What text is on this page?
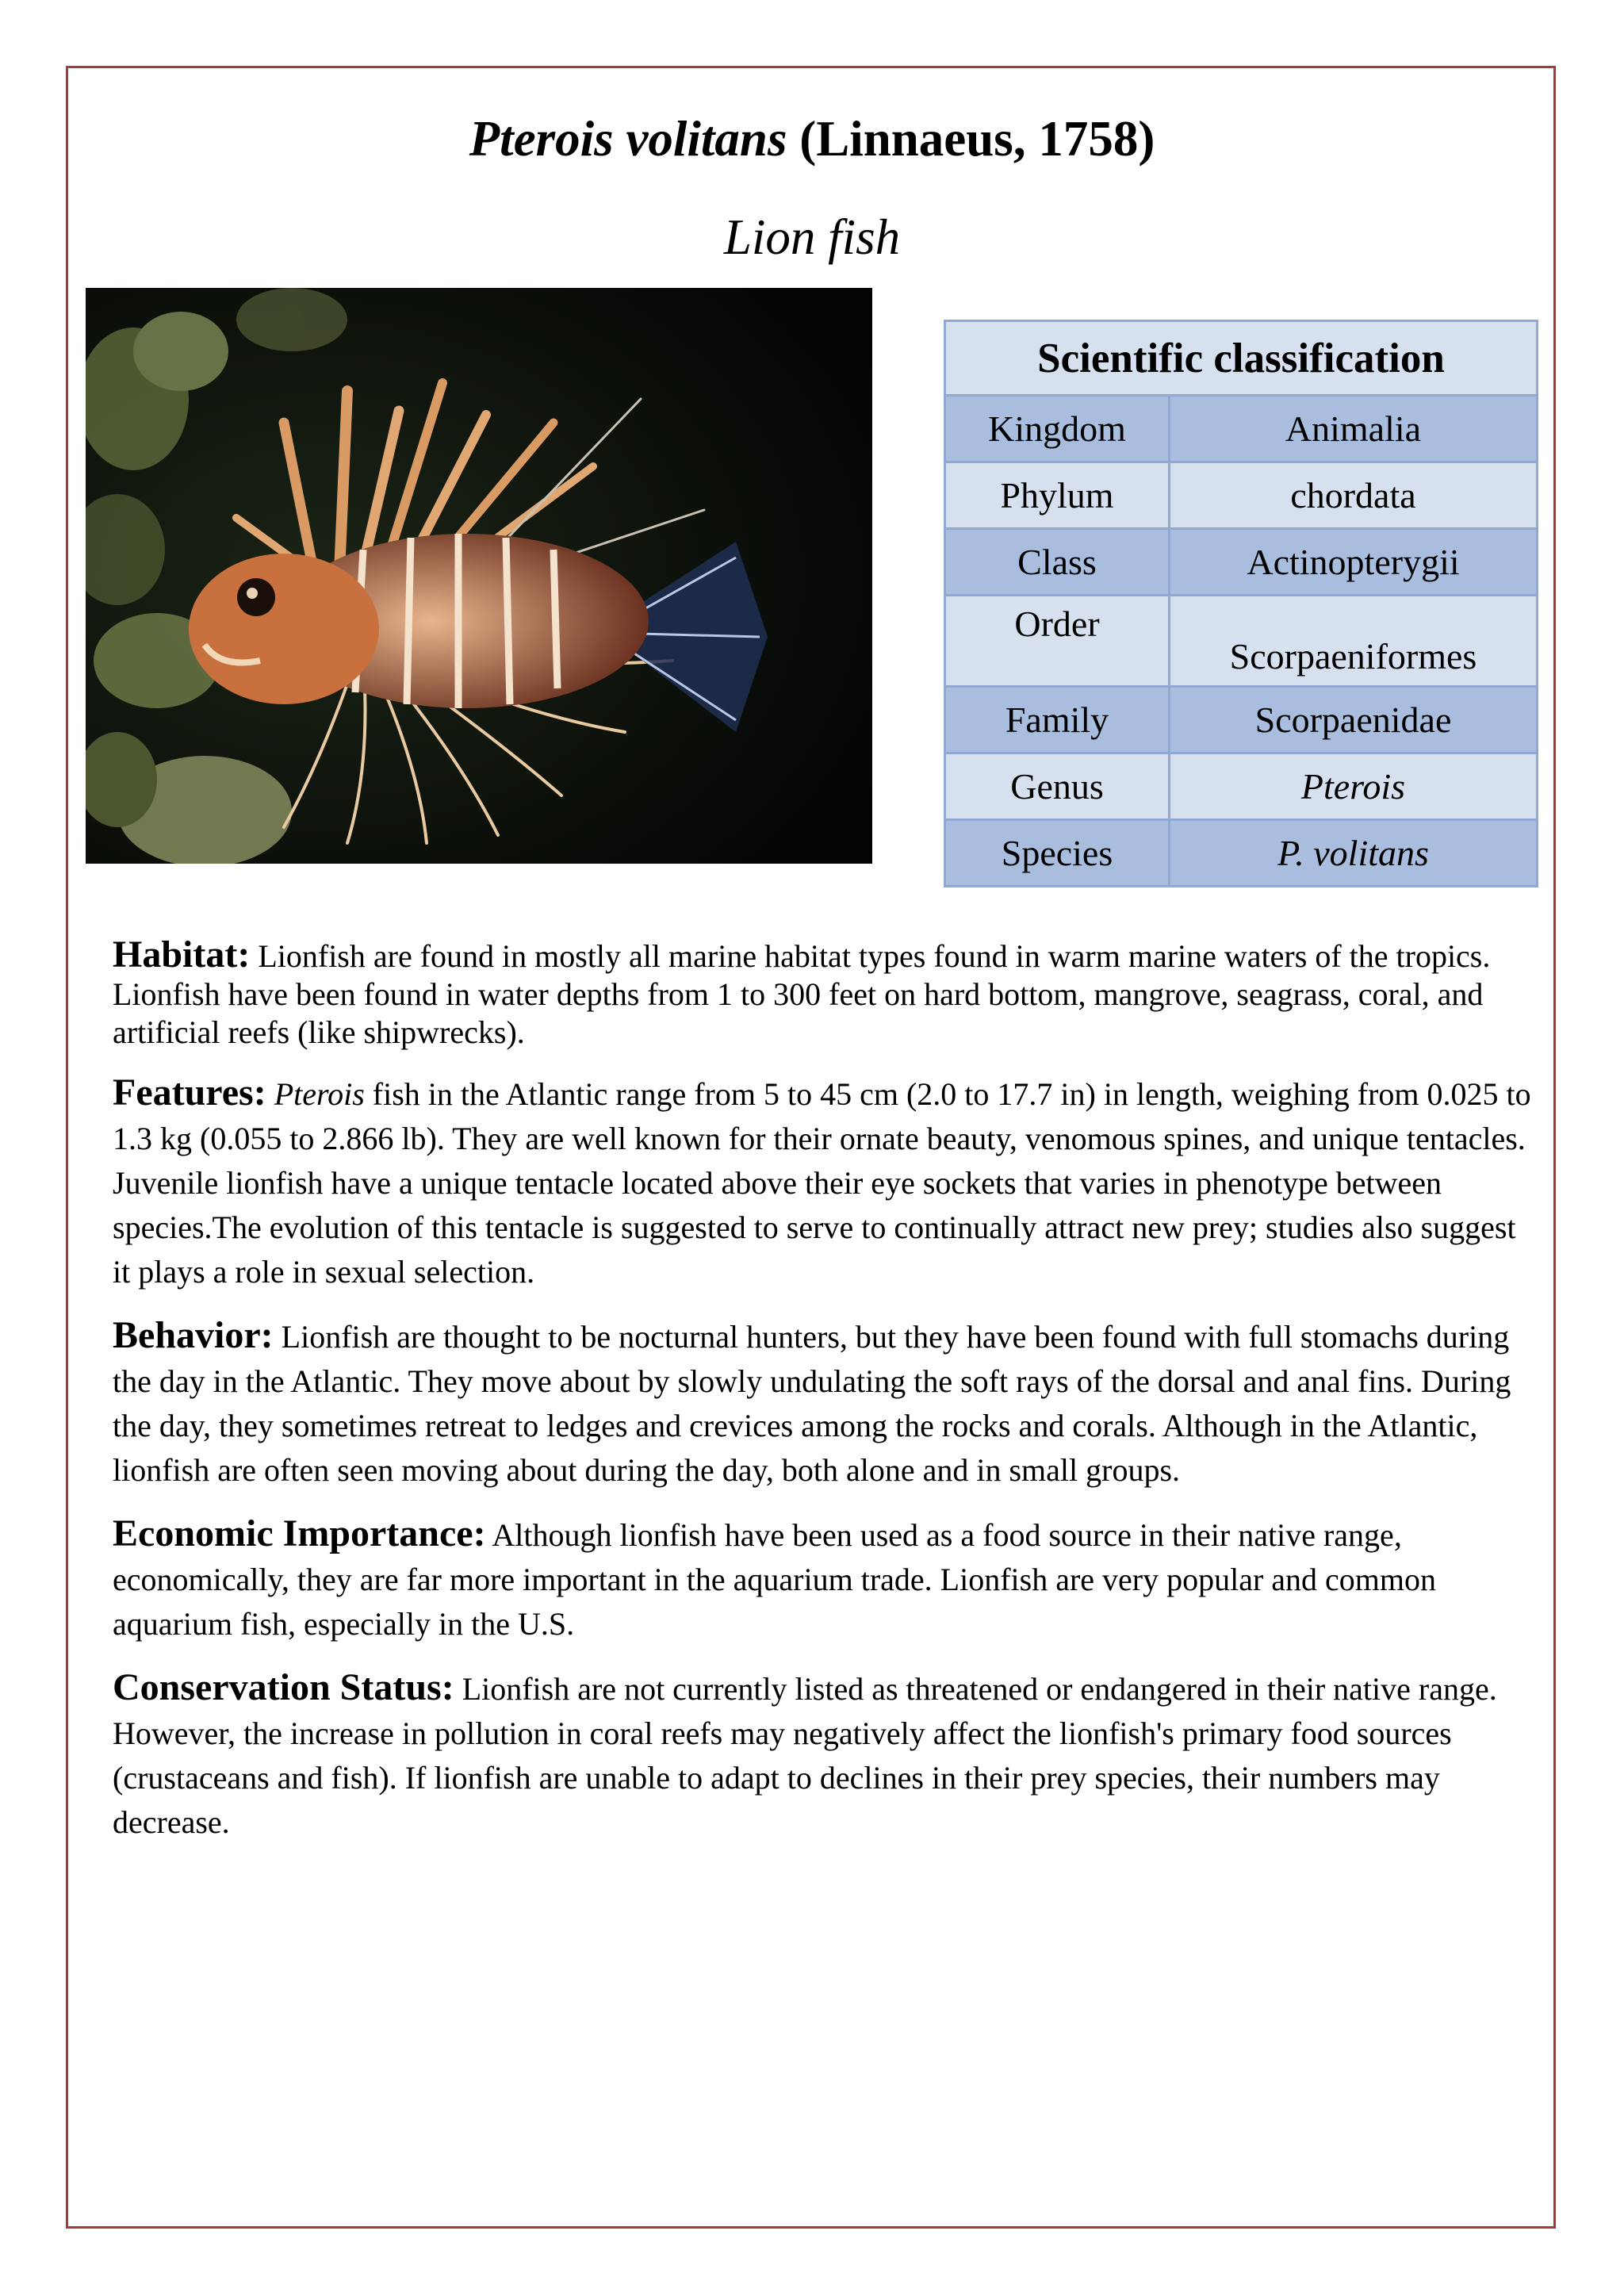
Pterois volitans (Linnaeus, 1758)
Lion fish
Scientific classification	
Kingdom	Animalia
Phylum	chordata
Class	Actinopterygii
Order	Scorpaeniformes
Family	Scorpaenidae
Genus	Pterois
Species	P. volitans

Habitat: Lionfish are found in mostly all marine habitat types found in warm marine waters of the tropics. Lionfish have been found in water depths from 1 to 300 feet on hard bottom, mangrove, seagrass, coral, and artificial reefs (like shipwrecks).

Features: Pterois fish in the Atlantic range from 5 to 45 cm (2.0 to 17.7 in) in length, weighing from 0.025 to 1.3 kg (0.055 to 2.866 lb). They are well known for their ornate beauty, venomous spines, and unique tentacles. Juvenile lionfish have a unique tentacle located above their eye sockets that varies in phenotype between species.The evolution of this tentacle is suggested to serve to continually attract new prey; studies also suggest it plays a role in sexual selection.

Behavior: Lionfish are thought to be nocturnal hunters, but they have been found with full stomachs during the day in the Atlantic. They move about by slowly undulating the soft rays of the dorsal and anal fins. During the day, they sometimes retreat to ledges and crevices among the rocks and corals. Although in the Atlantic, lionfish are often seen moving about during the day, both alone and in small groups.

Economic Importance: Although lionfish have been used as a food source in their native range, economically, they are far more important in the aquarium trade. Lionfish are very popular and common aquarium fish, especially in the U.S.

Conservation Status: Lionfish are not currently listed as threatened or endangered in their native range. However, the increase in pollution in coral reefs may negatively affect the lionfish's primary food sources (crustaceans and fish). If lionfish are unable to adapt to declines in their prey species, their numbers may decrease.
